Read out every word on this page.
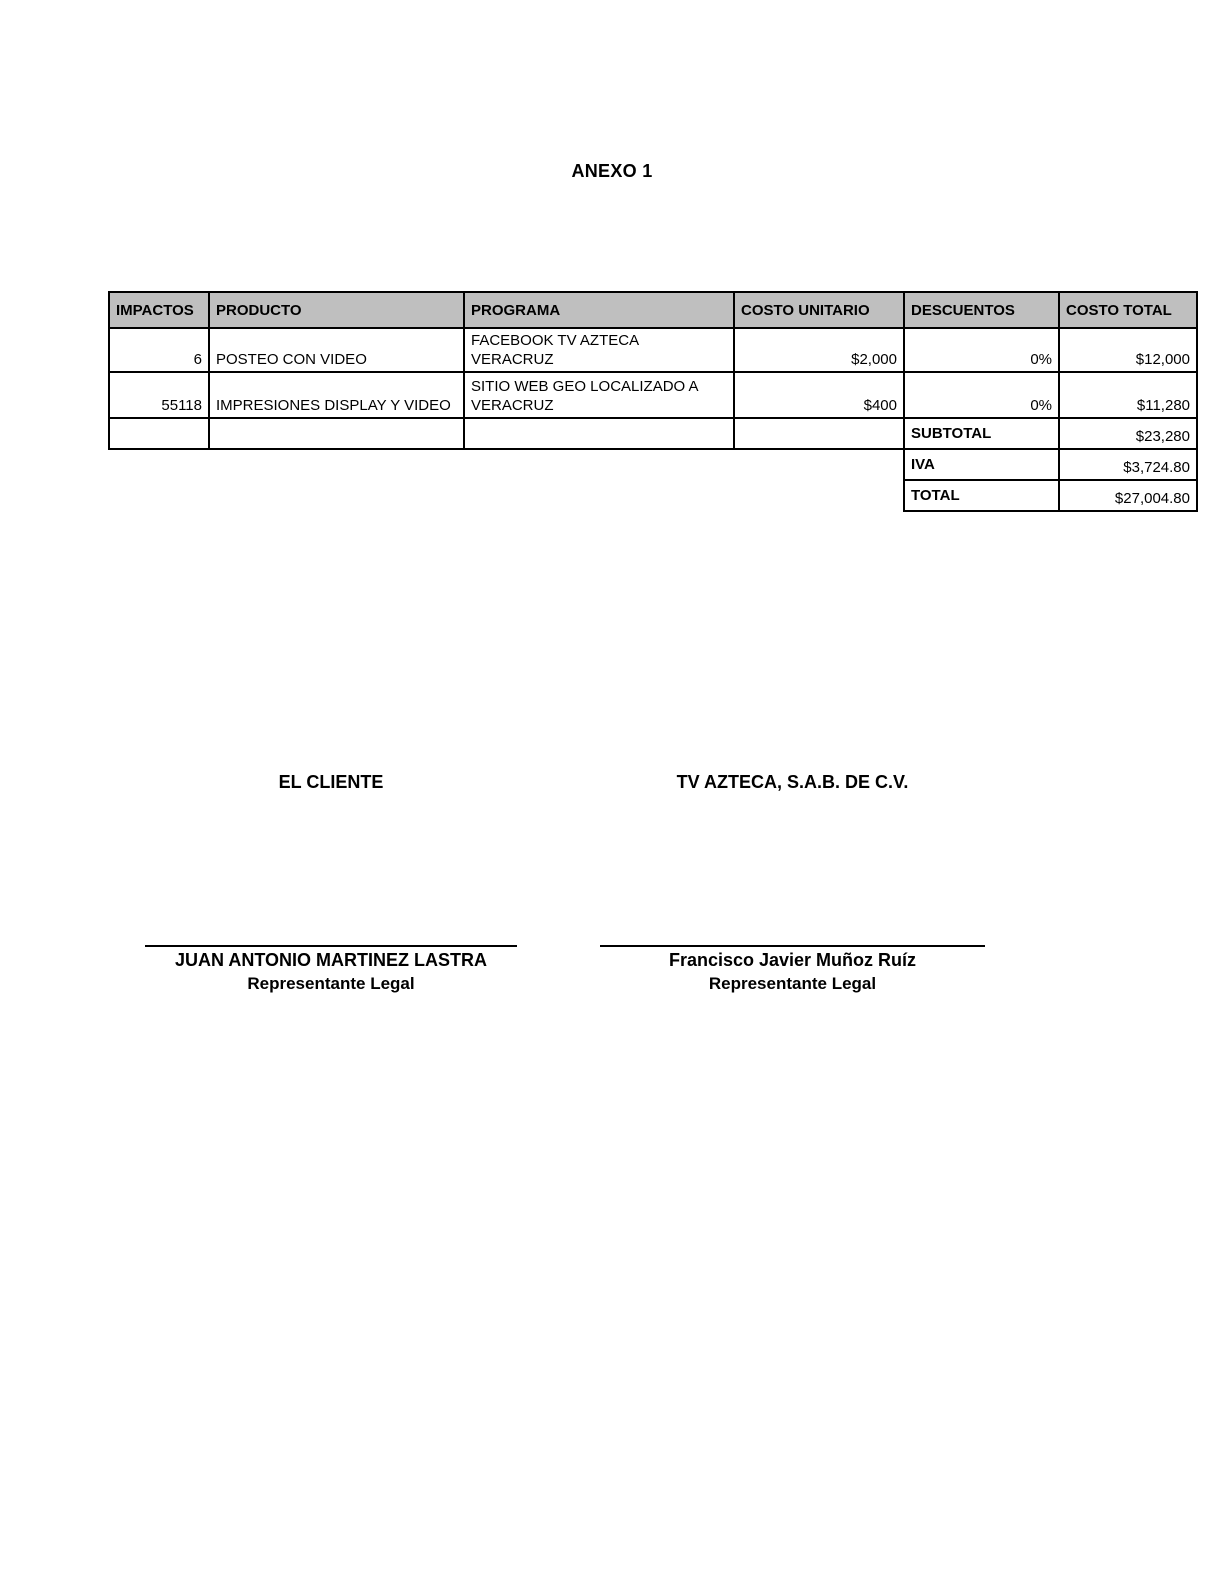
ANEXO 1
IMPACTOS	PRODUCTO	PROGRAMA	COSTO UNITARIO	DESCUENTOS	COSTO TOTAL
6	POSTEO CON VIDEO	FACEBOOK TV AZTECA  VERACRUZ	$2,000	0%	$12,000
55118	IMPRESIONES DISPLAY Y VIDEO	SITIO WEB GEO LOCALIZADO A VERACRUZ	$400	0%	$11,280
				SUBTOTAL	$23,280
				IVA	$3,724.80
				TOTAL	$27,004.80
EL CLIENTE
JUAN ANTONIO MARTINEZ LASTRA
Representante Legal
TV AZTECA, S.A.B. DE C.V.
Francisco Javier Muñoz Ruíz
Representante Legal
